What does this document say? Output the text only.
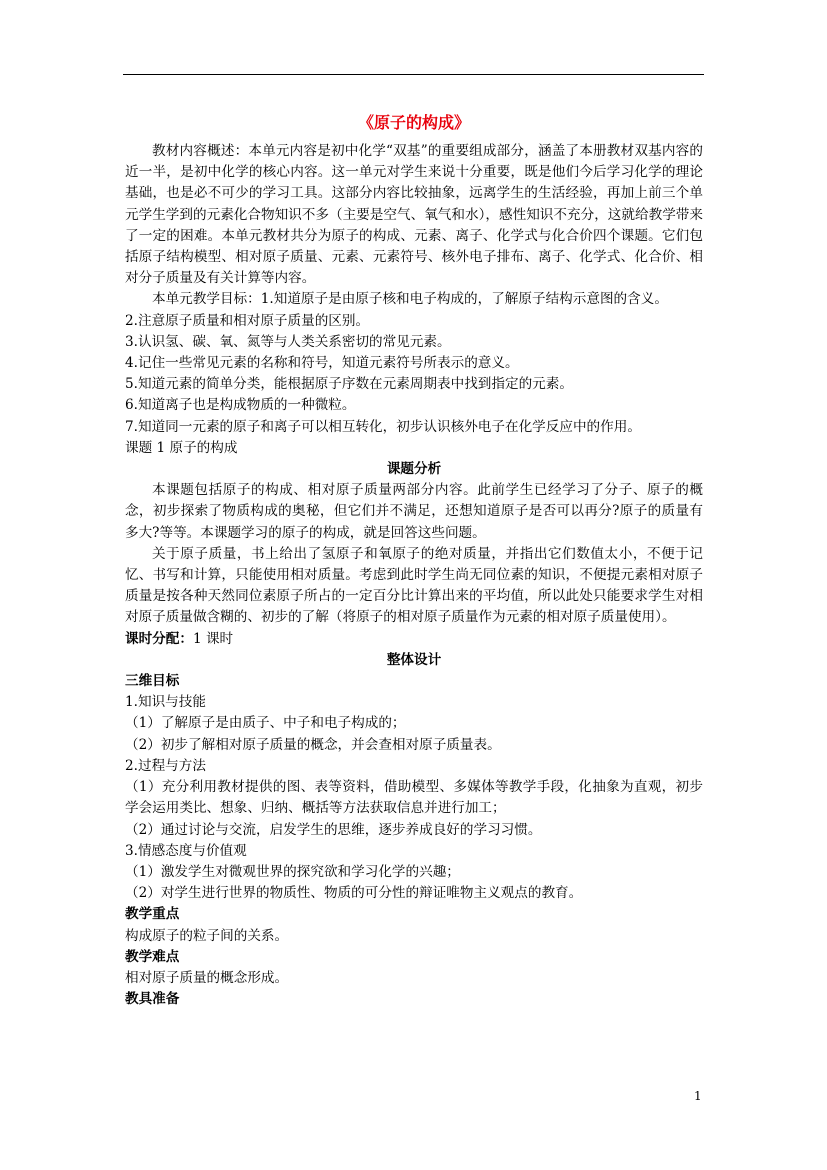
《原子的构成》

教材内容概述：本单元内容是初中化学“双基”的重要组成部分，涵盖了本册教材双基内容的近一半，是初中化学的核心内容。这一单元对学生来说十分重要，既是他们今后学习化学的理论基础，也是必不可少的学习工具。这部分内容比较抽象，远离学生的生活经验，再加上前三个单元学生学到的元素化合物知识不多（主要是空气、氧气和水），感性知识不充分，这就给教学带来了一定的困难。本单元教材共分为原子的构成、元素、离子、化学式与化合价四个课题。它们包括原子结构模型、相对原子质量、元素、元素符号、核外电子排布、离子、化学式、化合价、相对分子质量及有关计算等内容。

本单元教学目标：1.知道原子是由原子核和电子构成的，了解原子结构示意图的含义。

2.注意原子质量和相对原子质量的区别。

3.认识氢、碳、氧、氮等与人类关系密切的常见元素。

4.记住一些常见元素的名称和符号，知道元素符号所表示的意义。

5.知道元素的简单分类，能根据原子序数在元素周期表中找到指定的元素。

6.知道离子也是构成物质的一种微粒。

7.知道同一元素的原子和离子可以相互转化，初步认识核外电子在化学反应中的作用。

课题 1 原子的构成

课题分析

本课题包括原子的构成、相对原子质量两部分内容。此前学生已经学习了分子、原子的概念，初步探索了物质构成的奥秘，但它们并不满足，还想知道原子是否可以再分?原子的质量有多大?等等。本课题学习的原子的构成，就是回答这些问题。

关于原子质量，书上给出了氢原子和氧原子的绝对质量，并指出它们数值太小，不便于记忆、书写和计算，只能使用相对质量。考虑到此时学生尚无同位素的知识，不便提元素相对原子质量是按各种天然同位素原子所占的一定百分比计算出来的平均值，所以此处只能要求学生对相对原子质量做含糊的、初步的了解（将原子的相对原子质量作为元素的相对原子质量使用）。

课时分配：1 课时

整体设计

三维目标

1.知识与技能

（1）了解原子是由质子、中子和电子构成的；

（2）初步了解相对原子质量的概念，并会查相对原子质量表。

2.过程与方法

（1）充分利用教材提供的图、表等资料，借助模型、多媒体等教学手段，化抽象为直观，初步学会运用类比、想象、归纳、概括等方法获取信息并进行加工；

（2）通过讨论与交流，启发学生的思维，逐步养成良好的学习习惯。

3.情感态度与价值观

（1）激发学生对微观世界的探究欲和学习化学的兴趣；

（2）对学生进行世界的物质性、物质的可分性的辩证唯物主义观点的教育。

教学重点

构成原子的粒子间的关系。

教学难点

相对原子质量的概念形成。

教具准备

1
